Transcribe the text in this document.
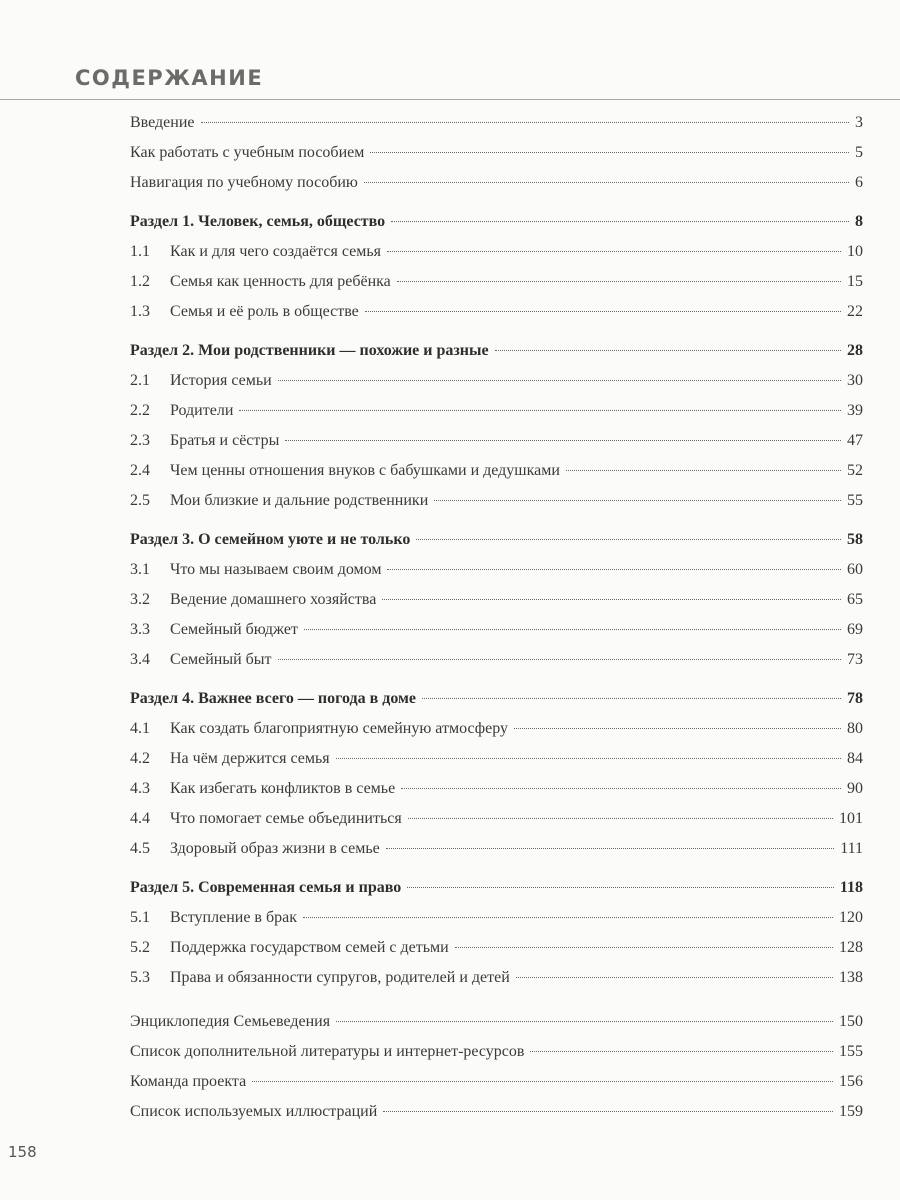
СОДЕРЖАНИЕ
Введение	3
Как работать с учебным пособием	5
Навигация по учебному пособию	6
Раздел 1. Человек, семья, общество	8
1.1	Как и для чего создаётся семья	10
1.2	Семья как ценность для ребёнка	15
1.3	Семья и её роль в обществе	22
Раздел 2. Мои родственники — похожие и разные	28
2.1	История семьи	30
2.2	Родители	39
2.3	Братья и сёстры	47
2.4	Чем ценны отношения внуков с бабушками и дедушками	52
2.5	Мои близкие и дальние родственники	55
Раздел 3. О семейном уюте и не только	58
3.1	Что мы называем своим домом	60
3.2	Ведение домашнего хозяйства	65
3.3	Семейный бюджет	69
3.4	Семейный быт	73
Раздел 4. Важнее всего — погода в доме	78
4.1	Как создать благоприятную семейную атмосферу	80
4.2	На чём держится семья	84
4.3	Как избегать конфликтов в семье	90
4.4	Что помогает семье объединиться	101
4.5	Здоровый образ жизни в семье	111
Раздел 5. Современная семья и право	118
5.1	Вступление в брак	120
5.2	Поддержка государством семей с детьми	128
5.3	Права и обязанности супругов, родителей и детей	138
Энциклопедия Семьеведения	150
Список дополнительной литературы и интернет-ресурсов	155
Команда проекта	156
Список используемых иллюстраций	159
158
